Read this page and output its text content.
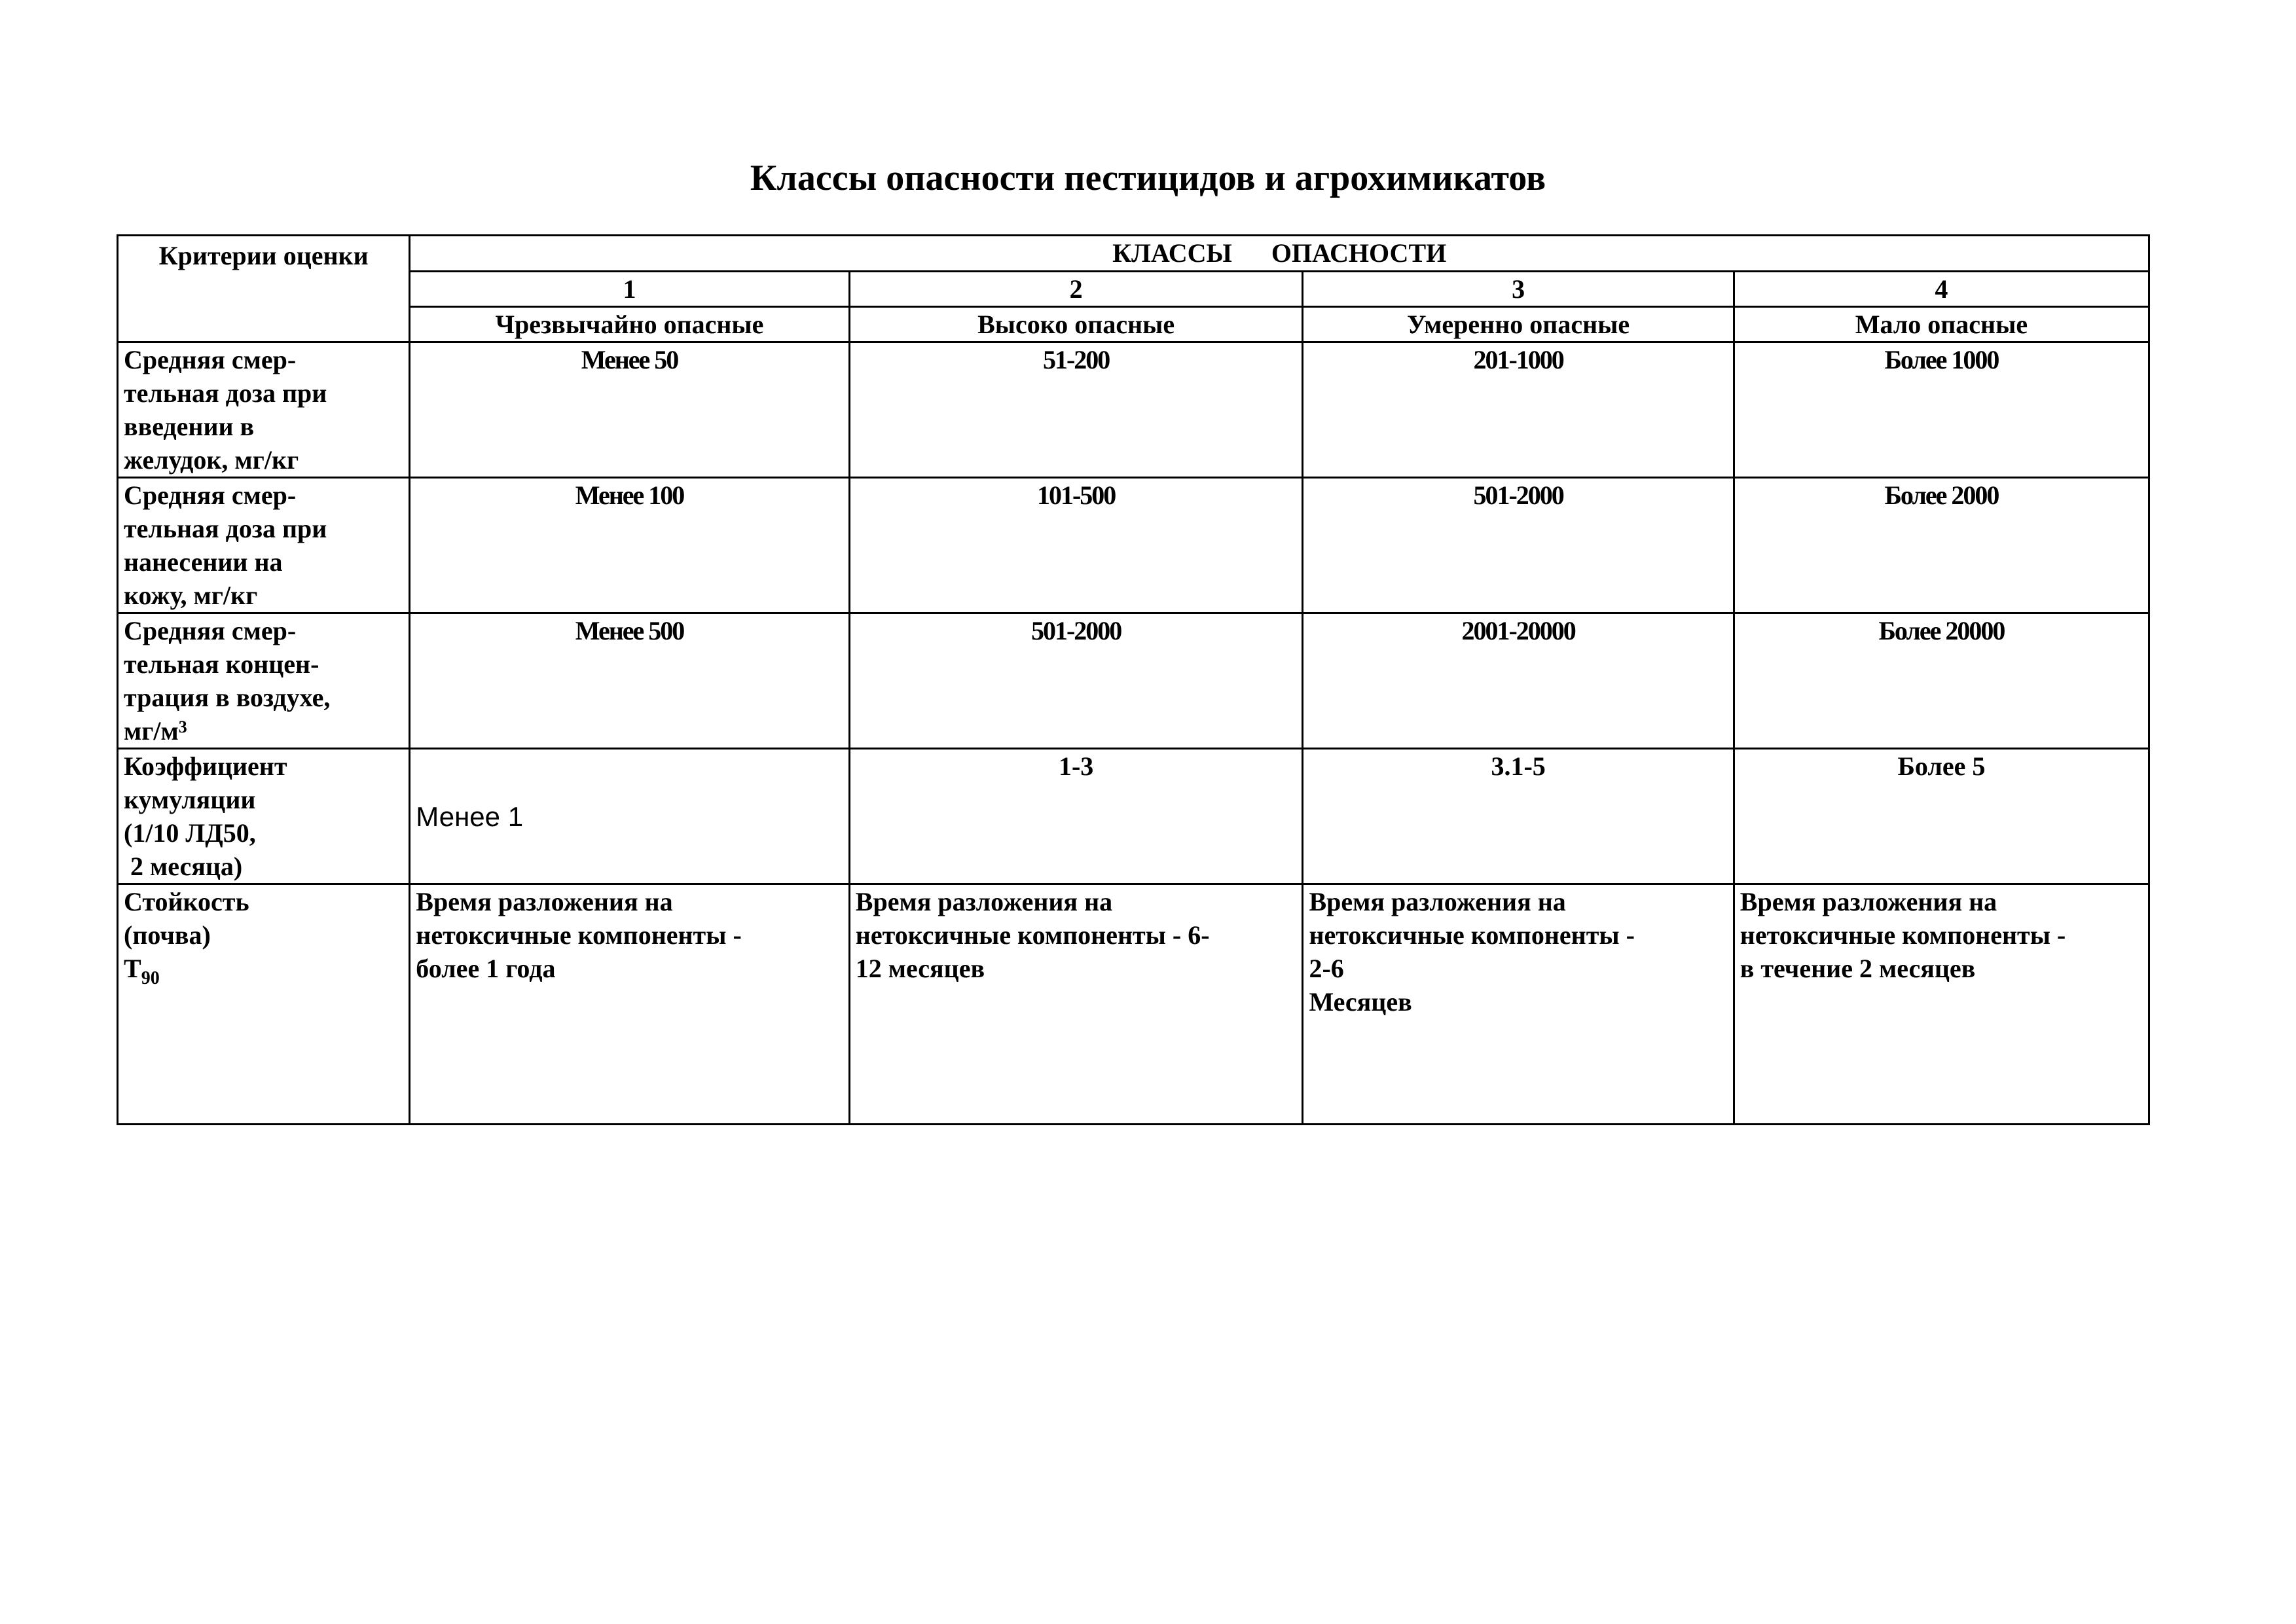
Классы опасности пестицидов и агрохимикатов
Критерии оценки	КЛАССЫ ОПАСНОСТИ			
	1	2	3	4
	Чрезвычайно опасные	Высоко опасные	Умеренно опасные	Мало опасные

Средняя смер-
тельная доза при
введении в
желудок, мг/кг	Менее 50	51-200	201-1000	Более 1000

Средняя смер-
тельная доза при
нанесении на
кожу, мг/кг	Менее 100	101-500	501-2000	Более 2000

Средняя смер-
тельная концен-
трация в воздухе,
$мг/м^3$	Менее 500	501-2000	2001-20000	Более 20000

Коэффициент
кумуляции
(1/10 ЛД50,
2 месяца)	Менее 1	1-3	3.1-5	Более 5

Стойкость
(почва)
$T_{90}$	Время разложения на
нетоксичные компоненты -
более 1 года	Время разложения на
нетоксичные компоненты - 6-
12 месяцев	Время разложения на
нетоксичные компоненты -
2-6
Месяцев	Время разложения на
нетоксичные компоненты -
в течение 2 месяцев
